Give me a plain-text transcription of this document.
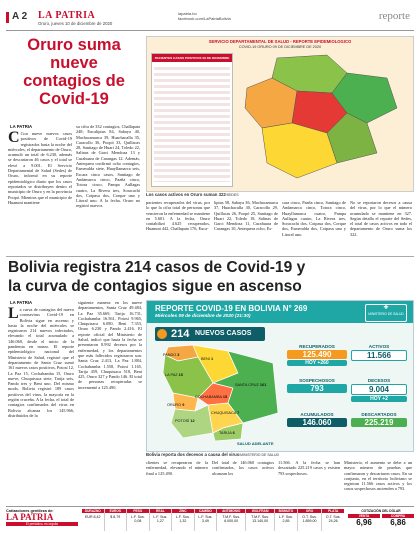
A 2 LA PATRIA
Oruro, jueves 10 de diciembre de 2020
lapatria.bo
facebook.com/LaPatriaBolivia	reporte
Oruro suma
nueve
contagios de
Covid-19
LA PATRIA
C Con nueve nuevos casos positivos de Covid-19 registrados hasta la noche del miércoles, el departamento de Oruro, acumuló un total de 6.230, además se descartaron 46 casos y el total se elevó a 9.001. El Servicio Departamental de Salud (Sedes) de Oruro, informó en su reporte epidemiológico diario que los casos reportados se distribuyen dentro el municipio de Oruro y en la provincia Poopó. Mientras que el municipio de Huanuni mantiene
su cifra de 332 contagios, Challapata 248; Eucaliptus 84, Sabaya 40, Machacamarca 39, Huachacalla 35, Caracollo 36, Poopó 33, Quillacas 28, Santiago de Huari 24, Toledo 22, Salinas de Garci Mendoza 13 y Curahuara de Carangas 12. Además, Antequera confirmó ocho contagios, Esmeralda siete, Huayllamarca seis, Escara cinco casos, Santiago de Andamarca cinco, Pazña cinco, Totora cinco, Pampa Aullagas cuatro, La Rivera tres, Soracachi dos, Coipasa dos, Corque uno y Litoral uno. A la fecha, Oruro no registró nuevos
SERVICIO DEPARTAMENTAL DE SALUD - REPORTE EPIDEMIOLOGICO
COVID-19 ORURO 09 DE DICIEMBRE DE 2020
PACIENTES CASOS POSITIVOS 09 DE DICIEMBRE
Los casos activos en Oruro suman 322/SEDES
pacientes recuperados del virus, por lo que la cifra total de personas que vencieron la enfermedad se mantiene en 5.601. A la fecha, Oruro contabilizó 4.625 recuperados, Huanuni 442, Challapata 176, Euca-
liptus 58, Sabaya 36, Machacamarca 37, Huachacalla 30, Caracollo 29, Quillacas 26, Poopó 25, Santiago de Huari 22, Toledo 18, Salinas de Garci Mendoza 11, Curahuara de Carangas 10, Antequera ocho, Es-
cara cinco, Pazña cinco, Santiago de Andamarca cinco, Totora cinco, Huayllamarca cuatro, Pampa Aullagas cuatro, La Rivera tres, Soracachi dos, Coipasa dos, Corque dos, Esmeralda dos, Coipasa uno y Litoral uno.
No se reportaron decesos a causa del virus, por lo que el número acumulado se mantiene en 327. Según detalla el reporte del Sedes, el total de casos activos en todo el departamento de Oruro suma los 322.
Bolivia registra 214 casos de Covid-19 y
la curva de contagios sigue en ascenso
LA PATRIA
La curva de contagios del nuevo coronavirus Covid-19 en Bolivia sigue en ascenso y hasta la noche del miércoles se registraron 214 nuevos infectados, elevando el total acumulado a 146.060, desde el inicio de la pandemia en marzo. El reporte epidemiológico nacional del Ministerio de Salud, registró que el departamento de Santa Cruz sumó 161 nuevos casos positivos, Potosí 12, La Paz 15, Cochabamba 15, Oruro nueve, Chuquisaca siete, Tarija seis, Pando tres y Beni uno. Del mismo modo, Bolivia registró 189 casos positivos del virus, la mayoría en la región cruceña. A la fecha, el total de contagios confirmados del virus en Bolivia alcanza los 145.966, distribuidos de la
siguiente manera: en los nueve departamentos, Santa Cruz 49.484, La Paz 35.669, Tarija 16.731, Cochabamba 16.561, Potosí 9.965, Chuquisaca 6.080, Beni 7.353, Oruro 6.230 y Pando 2.416. El reporte oficial del Ministerio de Salud, indicó que hasta la fecha se presentaron 8.992 decesos por la enfermedad, y los departamentos que más fallecidos registraron son: Santa Cruz 2.413, La Paz 1.884, Cochabamba 1.558, Potosí 1.165, Tarija 459, Chuquisaca 518, Beni 425, Oruro 327 y Pando 146. El total de personas recuperadas se incrementó a 125.490.
REPORTE COVID-19 EN BOLIVIA N° 269
Miércoles 09 de diciembre de 2020 (21:30)
✚
MINISTERIO DE SALUD
214 NUEVOS CASOS
PANDO 3
BENI 1
LA PAZ 15
COCHABAMBA 15
SANTA CRUZ 161
ORURO 9
POTOSÍ 12
CHUQUISACA 7
TARIJA 6
SALUD ADELANTE
RECUPERADOS
125.490
HOY +260
ACTIVOS
11.566
SOSPECHOSOS
793
DECESOS
9.004
HOY +2
ACUMULADOS
146.060
DESCARTADOS
225.219
Bolivia reporta dos decesos a causa del virus/MINISTERIO DE SALUD
clientes se recuperaron de la enfermedad, elevando el número final a 125.490.
Del total de 146.060 contagios confirmados, los casos activos alcanzan los
11.566. A la fecha se han descartado 225.219 casos y existen 793 sospechosos.
Ministerio, el aumento se debe a un mayor número de pruebas que confirmaron y descartaron casos. En su conjunto, en el territorio boliviano se registran 11.566 casos activos y los casos sospechosos ascienden a 793.
Cotizaciones gentileza de:
LA PATRIA
El periódico, es orgullo
DURAZNO
EUR 8,42
EUROS
$ 8,79
PESO
L.F. Sus. 0,08
REAL
L.F. Sus. 1,27
ZINC
L.F. Sus. 1,32
CAMBIO
L.F. Sus. 3,49
ANTIMONIO
T.M.F. Sus. 6.000,00
WOLFRAM
T.M.F. Sus. 13.140,00
BISMUTO
L.F. Sus. 2,85
ORO
O.T. Sus. 1.859,00
PLATA
O.T. Sus. 24,26
COTIZACIÓN DEL DÓLAR
VENTA
6,96
COMPRA
6,86
